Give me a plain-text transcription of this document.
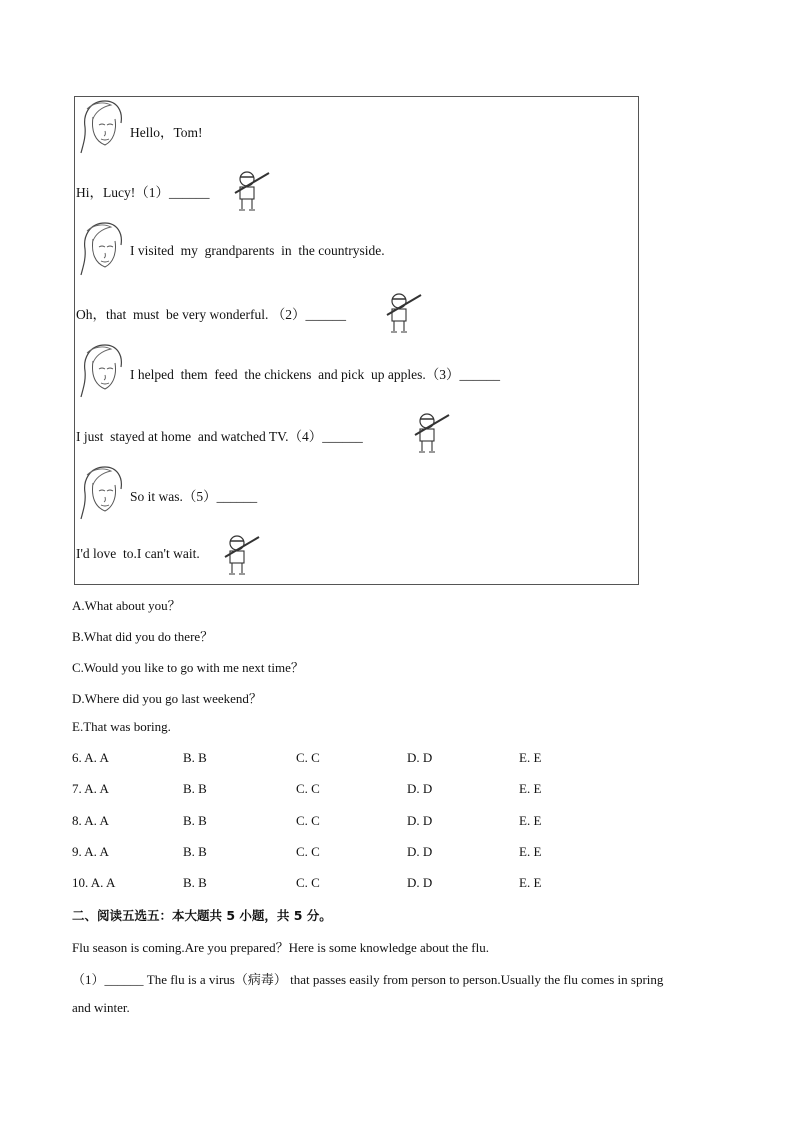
Hello，Tom!
Hi，Lucy!（1）______
I visited  my  grandparents  in  the countryside.
Oh，that  must  be very wonderful. （2）______
I helped  them  feed  the chickens  and pick  up apples.（3）______
I just  stayed at home  and watched TV.（4）______
So it was.（5）______
I'd love  to.I can't wait.
A.What about you？
B.What did you do there？
C.Would you like to go with me next time？
D.Where did you go last weekend？
E.That was boring.
6. A. A	B. B	C. C	D. D	E. E
7. A. A	B. B	C. C	D. D	E. E
8. A. A	B. B	C. C	D. D	E. E
9. A. A	B. B	C. C	D. D	E. E
10. A. A	B. B	C. C	D. D	E. E
二、阅读五选五：本大题共 5 小题，共 5 分。
Flu season is coming.Are you prepared？Here is some knowledge about the flu.
（1）______ The flu is a virus（病毒） that passes easily from person to person.Usually the flu comes in spring
and winter.
